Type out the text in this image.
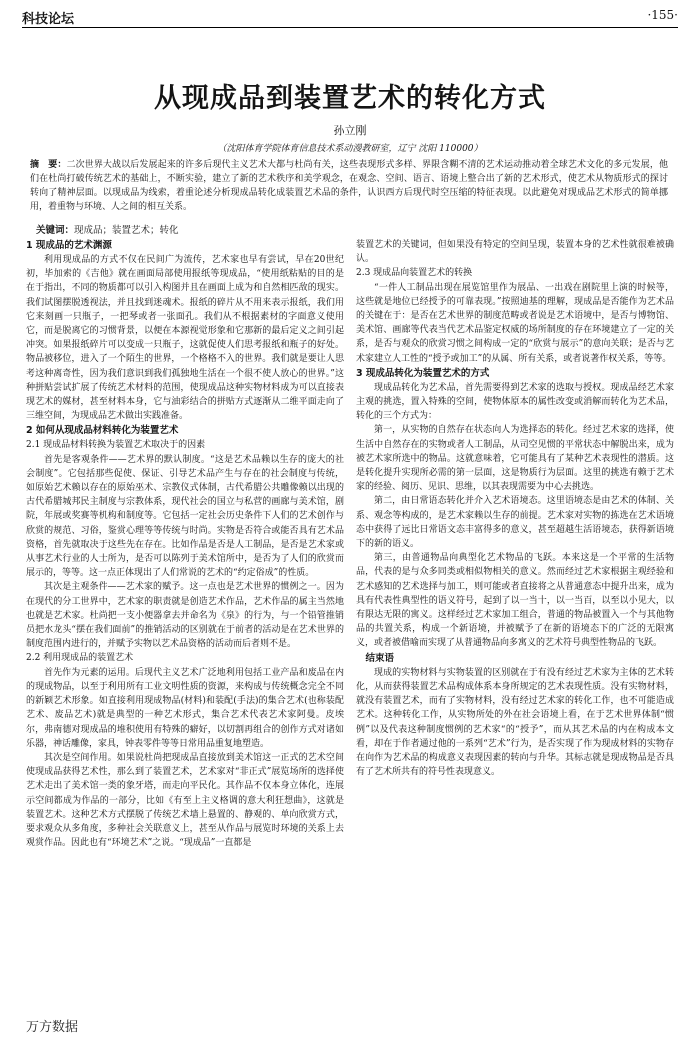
科技论坛	·155·
从现成品到装置艺术的转化方式
孙立刚
（沈阳体育学院体育信息技术系动漫教研室，辽宁 沈阳 110000）
摘　要：二次世界大战以后发展起来的许多后现代主义艺术大都与杜尚有关，这些表现形式多样、界限含糊不清的艺术运动推动着全球艺术文化的多元发展，他们在杜尚打破传统艺术的基础上，不断实验，建立了新的艺术秩序和美学观念，在观念、空间、语言、语境上整合出了新的艺术形式，使艺术从物质形式的探讨转向了精神层面。以现成品为线索，着重论述分析现成品转化成装置艺术品的条件，认识西方后现代时空压缩的特征表现。以此避免对现成品艺术形式的简单挪用，着重物与环境、人之间的相互关系。
关键词：现成品；装置艺术；转化
1 现成品的艺术渊源

利用现成品的方式不仅在民间广为流传，艺术家也早有尝试，早在20世纪初，毕加索的《吉他》就在画面局部使用报纸等现成品，“使用纸粘贴的目的是在于指出，不同的物质都可以引入构图并且在画面上成为和自然相匹敌的现实。我们试图摆脱透视法，并且找到迷魂术。报纸的碎片从不用来表示报纸，我们用它来刻画一只瓶子，一把琴或者一张面孔。我们从不根据素材的字面意义使用它，而是脱离它的习惯背景，以便在本源视觉形象和它那新的最后定义之间引起冲突。如果报纸碎片可以变成一只瓶子，这就促使人们思考报纸和瓶子的好处。物品被移位，进入了一个陌生的世界，一个格格不入的世界。我们就是要让人思考这种离奇性，因为我们意识到我们孤独地生活在一个很不使人放心的世界。”这种拼贴尝试扩展了传统艺术材料的范围，使现成品这种实物材料成为可以直接表现艺术的媒材，甚至材料本身，它与油彩结合的拼贴方式逐渐从二维平面走向了三维空间，为现成品艺术做出实践准备。

2 如何从现成品材料转化为装置艺术
2.1 现成品材料转换为装置艺术取决于的因素

首先是客观条件——艺术界的默认制度。“这是艺术品赖以生存的庞大的社会制度”。它包括那些促使、保证、引导艺术品产生与存在的社会制度与传统，如原始艺术赖以存在的原始巫术、宗教仪式体制，古代希腊公共雕像赖以出现的古代希腊城邦民主制度与宗教体系，现代社会的国立与私营的画廊与美术馆，剧院，年展或奖赛等机构和制度等。它包括一定社会历史条件下人们的艺术创作与欣赏的规范、习俗，鉴赏心理等等传统与时尚。实物是否符合或能否具有艺术品资格，首先就取决于这些先在存在。比如作品是否是人工制品，是否是艺术家或从事艺术行业的人士所为，是否可以陈列于美术馆所中，是否为了人们的欣赏而展示的，等等。这一点正体现出了人们常说的艺术的“约定俗成”的性质。

其次是主观条件——艺术家的赋予。这一点也是艺术世界的惯例之一。因为在现代的分工世界中，艺术家的职责就是创造艺术作品，艺术作品的属主当然地也就是艺术家。杜尚把一支小便器拿去并命名为《泉》的行为，与一个铅管推销员把水龙头“摆在我们面前”的推销活动的区别就在于前者的活动是在艺术世界的制度范围内进行的，并赋予实物以艺术品资格的活动而后者则不是。

2.2 利用现成品的装置艺术

首先作为元素的运用。后现代主义艺术广泛地利用包括工业产品和废品在内的现成物品，以至于利用所有工业文明性质的资源，来构成与传统概念完全不同的新颖艺术形象。如直接利用现成物品(材料)和装配(手法)的集合艺术(也称装配艺术、废品艺术)就是典型的一种艺术形式，集合艺术代表艺术家阿曼。皮埃尔，弗南德对现成品的堆积使用有特殊的癖好，以切割再组合的创作方式对诸如乐器，神话雕像，家具，钟表零件等等日常用品重复地塑造。

其次是空间作用。如果说杜尚把现成品直接放到美术馆这一正式的艺术空间使现成品获得艺术性，那么到了装置艺术，艺术家对“非正式”展览场所的选择使艺术走出了美术馆一类的象牙塔，而走向平民化。其作品不仅本身立体化，连展示空间都成为作品的一部分，比如《有至上主义格调的意大利狂想曲》，这就是装置艺术。这种艺术方式摆脱了传统艺术墙上悬置的、静观的、单向欣赏方式，要求观众从多角度，多种社会关联意义上，甚至从作品与展览时环境的关系上去观赏作品。因此也有“环境艺术”之说。“现成品”一直都是

装置艺术的关键词，但如果没有特定的空间呈现，装置本身的艺术性就很难被确认。

2.3 现成品向装置艺术的转换

“一件人工制品出现在展览馆里作为展品、一出戏在剧院里上演的时候等，这些就是地位已经授予的可靠表现。”按照迪基的理解，现成品是否能作为艺术品的关键在于：是否在艺术世界的制度范畴或者说是艺术语境中，是否与博物馆、美术馆、画廊等代表当代艺术品鉴定权威的场所制度的存在环境建立了一定的关系，是否与观众的欣赏习惯之间构成一定的“欣赏与展示”的意向关联；是否与艺术家建立人工性的“授予或加工”的从属、所有关系，或者说著作权关系，等等。

3 现成品转化为装置艺术的方式

现成品转化为艺术品，首先需要得到艺术家的选取与授权。现成品经艺术家主观的挑选，置入特殊的空间，使物体原本的属性改变或消解而转化为艺术品，转化的三个方式为：

第一，从实物的自然存在状态向人为选择态的转化。经过艺术家的选择，使生活中自然存在的实物或者人工制品，从司空见惯的平常状态中解脱出来，成为被艺术家所选中的物品。这就意味着，它可能具有了某种艺术表现性的潜质。这是转化提升实现所必需的第一层面，这是物质行为层面。这里的挑选有赖于艺术家的经验、阅历、见识、思维，以其表现需要为中心去挑选。

第二，由日常语态转化并介入艺术语境态。这里语境态是由艺术的体制、关系、观念等构成的，是艺术家赖以生存的前提。艺术家对实物的拣选在艺术语境态中获得了远比日常语文态丰富得多的意义，甚至超越生活语境态，获得新语境下的新的语义。

第三，由普通物品向典型化艺术物品的飞跃。本来这是一个平常的生活物品，代表的是与众多同类或相似物相关的意义。然而经过艺术家根据主观经验和艺术感知的艺术选择与加工，则可能或者直接将之从普通意态中提升出来，成为具有代表性典型性的语义符号，起到了以一当十，以一当百，以至以小见大，以有限达无限的寓义。这样经过艺术家加工组合，普通的物品被置入一个与其他物品的共置关系，构成一个新语境，并被赋予了在新的语境态下的广泛的无限寓义，或者被借喻而实现了从普通物品向多寓义的艺术符号典型性物品的飞跃。

结束语

现成的实物材料与实物装置的区别就在于有没有经过艺术家为主体的艺术转化，从而获得装置艺术品构成体系本身所规定的艺术表现性质。没有实物材料，就没有装置艺术，而有了实物材料，没有经过艺术家的转化工作，也不可能造成艺术。这种转化工作，从实物所处的外在社会语境上看，在于艺术世界体制“惯例”以及代表这种制度惯例的艺术家“的“授予”，而从其艺术品的内在构成本文看，却在于作者通过他的一系列“艺术”行为，是否实现了作为现成材料的实物存在向作为艺术品的构成意义表现因素的转向与升华。其标志就是现成物品是否具有了艺术所共有的符号性表现意义。

万方数据
